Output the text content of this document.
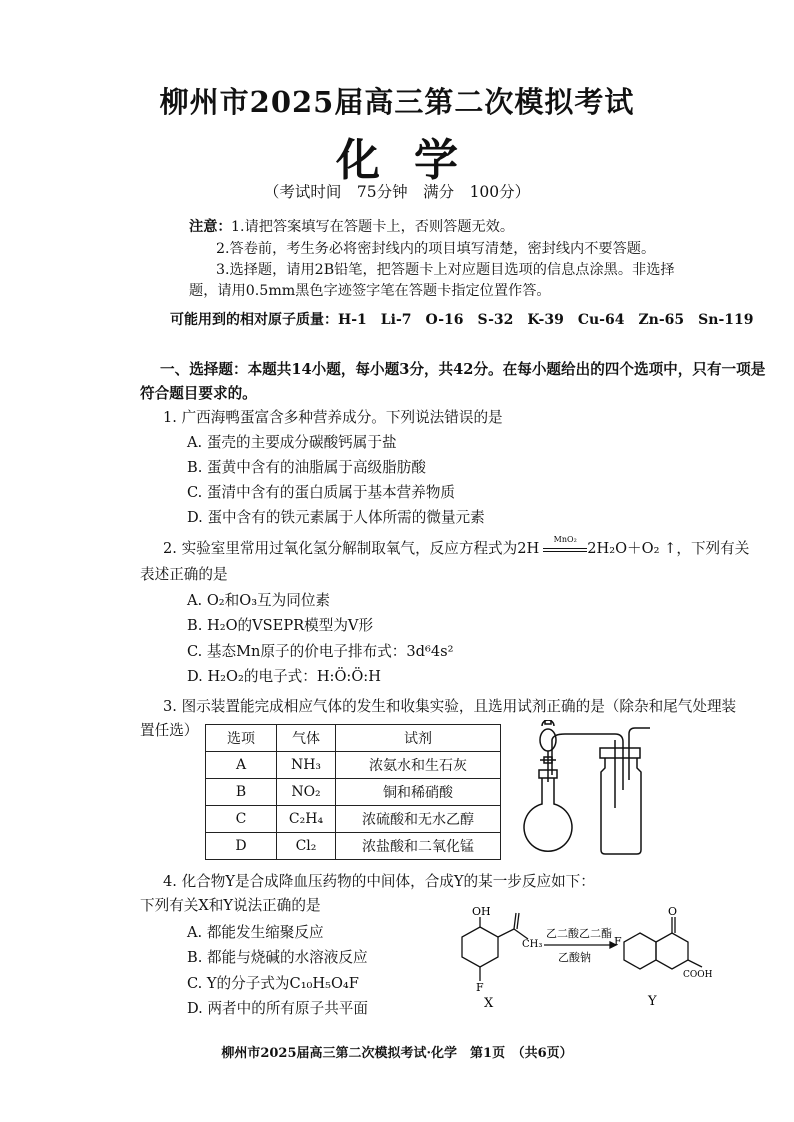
柳州市2025届高三第二次模拟考试
化学
（考试时间　75分钟　满分　100分）
注意： 1.请把答案填写在答题卡上，否则答题无效。
2.答卷前，考生务必将密封线内的项目填写清楚，密封线内不要答题。
3.选择题，请用2B铅笔，把答题卡上对应题目选项的信息点涂黑。非选择
题，请用0.5mm黑色字迹签字笔在答题卡指定位置作答。
可能用到的相对原子质量：H-1　Li-7　O-16　S-32　K-39　Cu-64　Zn-65　Sn-119
一、选择题：本题共14小题，每小题3分，共42分。在每小题给出的四个选项中，只有一项是
符合题目要求的。
1. 广西海鸭蛋富含多种营养成分。下列说法错误的是
A. 蛋壳的主要成分碳酸钙属于盐
B. 蛋黄中含有的油脂属于高级脂肪酸
C. 蛋清中含有的蛋白质属于基本营养物质
D. 蛋中含有的铁元素属于人体所需的微量元素
2. 实验室里常用过氧化氢分解制取氧气，反应方程式为2H
MnO₂
2H₂O＋O₂ ↑，下列有关
表述正确的是
A. O₂和O₃互为同位素
B. H₂O的VSEPR模型为V形
C. 基态Mn原子的价电子排布式：3d⁶4s²
D. H₂O₂的电子式：H:Ö:Ö:H
3. 图示装置能完成相应气体的发生和收集实验，且选用试剂正确的是（除杂和尾气处理装
置任选） 选项	气体	试剂
A	NH₃	浓氨水和生石灰
B	NO₂	铜和稀硝酸
C	C₂H₄	浓硫酸和无水乙醇
D	Cl₂	浓盐酸和二氧化锰
4. 化合物Y是合成降血压药物的中间体，合成Y的某一步反应如下：
下列有关X和Y说法正确的是
A. 都能发生缩聚反应
B. 都能与烧碱的水溶液反应
C. Y的分子式为C₁₀H₅O₄F
D. 两者中的所有原子共平面
OH
CH₃
F
乙二酸乙二酯
乙酸钠
O
F
COOH
X	Y
柳州市2025届高三第二次模拟考试·化学　第1页　（共6页）
